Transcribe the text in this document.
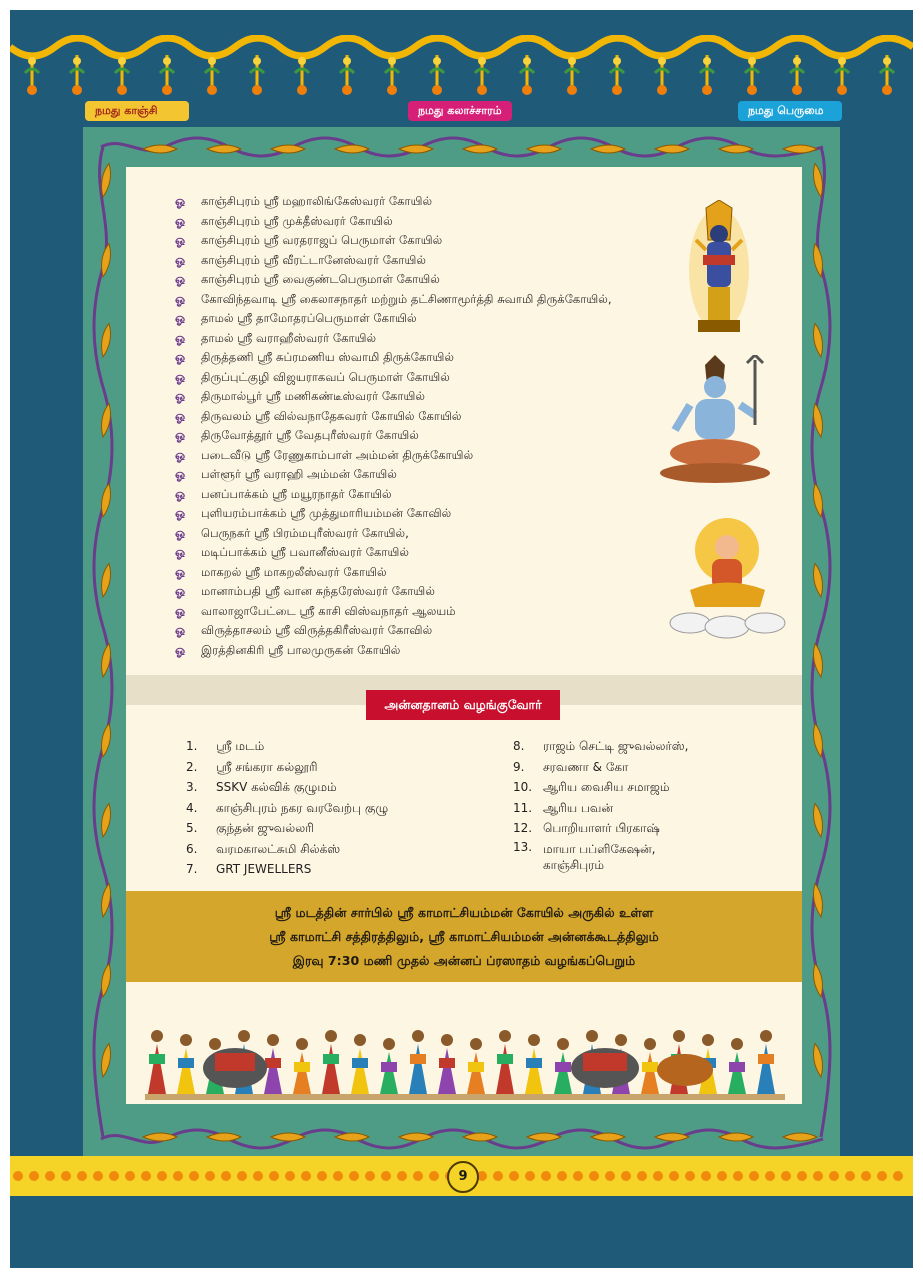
நமது காஞ்சி	நமது கலாச்சாரம்	நமது பெருமை
ஓ	காஞ்சிபுரம் ஸ்ரீ மஹாலிங்கேஸ்வரர் கோயில்
ஓ	காஞ்சிபுரம் ஸ்ரீ முக்தீஸ்வரர் கோயில்
ஓ	காஞ்சிபுரம் ஸ்ரீ வரதராஜப் பெருமாள் கோயில்
ஓ	காஞ்சிபுரம் ஸ்ரீ வீரட்டானேஸ்வரர் கோயில்
ஓ	காஞ்சிபுரம் ஸ்ரீ வைகுண்டபெருமாள் கோயில்
ஓ	கோவிந்தவாடி ஸ்ரீ கைலாசநாதர் மற்றும் தட்சிணாமூர்த்தி சுவாமி திருக்கோயில்,
ஓ	தாமல் ஸ்ரீ தாமோதரப்பெருமாள் கோயில்
ஓ	தாமல் ஸ்ரீ வராஹீஸ்வரர் கோயில்
ஓ	திருத்தணி ஸ்ரீ சுப்ரமணிய ஸ்வாமி திருக்கோயில்
ஓ	திருப்புட்குழி விஜயராகவப் பெருமாள் கோயில்
ஓ	திருமால்பூர் ஸ்ரீ மணிகண்டீஸ்வரர் கோயில்
ஓ	திருவலம் ஸ்ரீ வில்வநாதேசுவரர் கோயில் கோயில்
ஓ	திருவோத்தூர் ஸ்ரீ வேதபுரீஸ்வரர் கோயில்
ஓ	படைவீடு ஸ்ரீ ரேணுகாம்பாள் அம்மன் திருக்கோயில்
ஓ	பள்ளூர் ஸ்ரீ வராஹி அம்மன் கோயில்
ஓ	பனப்பாக்கம் ஸ்ரீ மயூரநாதர் கோயில்
ஓ	புளியரம்பாக்கம் ஸ்ரீ முத்துமாரியம்மன் கோவில்
ஓ	பெருநகர் ஸ்ரீ பிரம்மபுரீஸ்வரர் கோயில்,
ஓ	மடிப்பாக்கம் ஸ்ரீ பவானீஸ்வரர் கோயில்
ஓ	மாகறல் ஸ்ரீ மாகறலீஸ்வரர் கோயில்
ஓ	மானாம்பதி ஸ்ரீ வான சுந்தரேஸ்வரர் கோயில்
ஓ	வாலாஜாபேட்டை ஸ்ரீ காசி விஸ்வநாதர் ஆலயம்
ஓ	விருத்தாசலம் ஸ்ரீ விருத்தகிரீஸ்வரர் கோவில்
ஓ	இரத்தினகிரி ஸ்ரீ பாலமுருகன் கோயில்
அன்னதானம் வழங்குவோர்
1.	ஸ்ரீ மடம்
2.	ஸ்ரீ சங்கரா கல்லூரி
3.	SSKV கல்விக் குழுமம்
4.	காஞ்சிபுரம் நகர வரவேற்பு குழு
5.	குந்தன் ஜுவல்லரி
6.	வரமகாலட்சுமி சில்க்ஸ்
7.	GRT JEWELLERS
8.	ராஜம் செட்டி ஜுவல்லர்ஸ்,
9.	சரவணா & கோ
10. ஆரிய வைசிய சமாஜம்
11. ஆரிய பவன்
12. பொறியாளர் பிரகாஷ்
13. மாயா பப்ளிகேஷன்,
காஞ்சிபுரம்

ஸ்ரீ மடத்தின் சார்பில் ஸ்ரீ காமாட்சியம்மன் கோயில் அருகில் உள்ள

ஸ்ரீ காமாட்சி சத்திரத்திலும், ஸ்ரீ காமாட்சியம்மன் அன்னக்கூடத்திலும்

இரவு 7:30 மணி முதல் அன்னப் ப்ரஸாதம் வழங்கப்பெறும்

9
